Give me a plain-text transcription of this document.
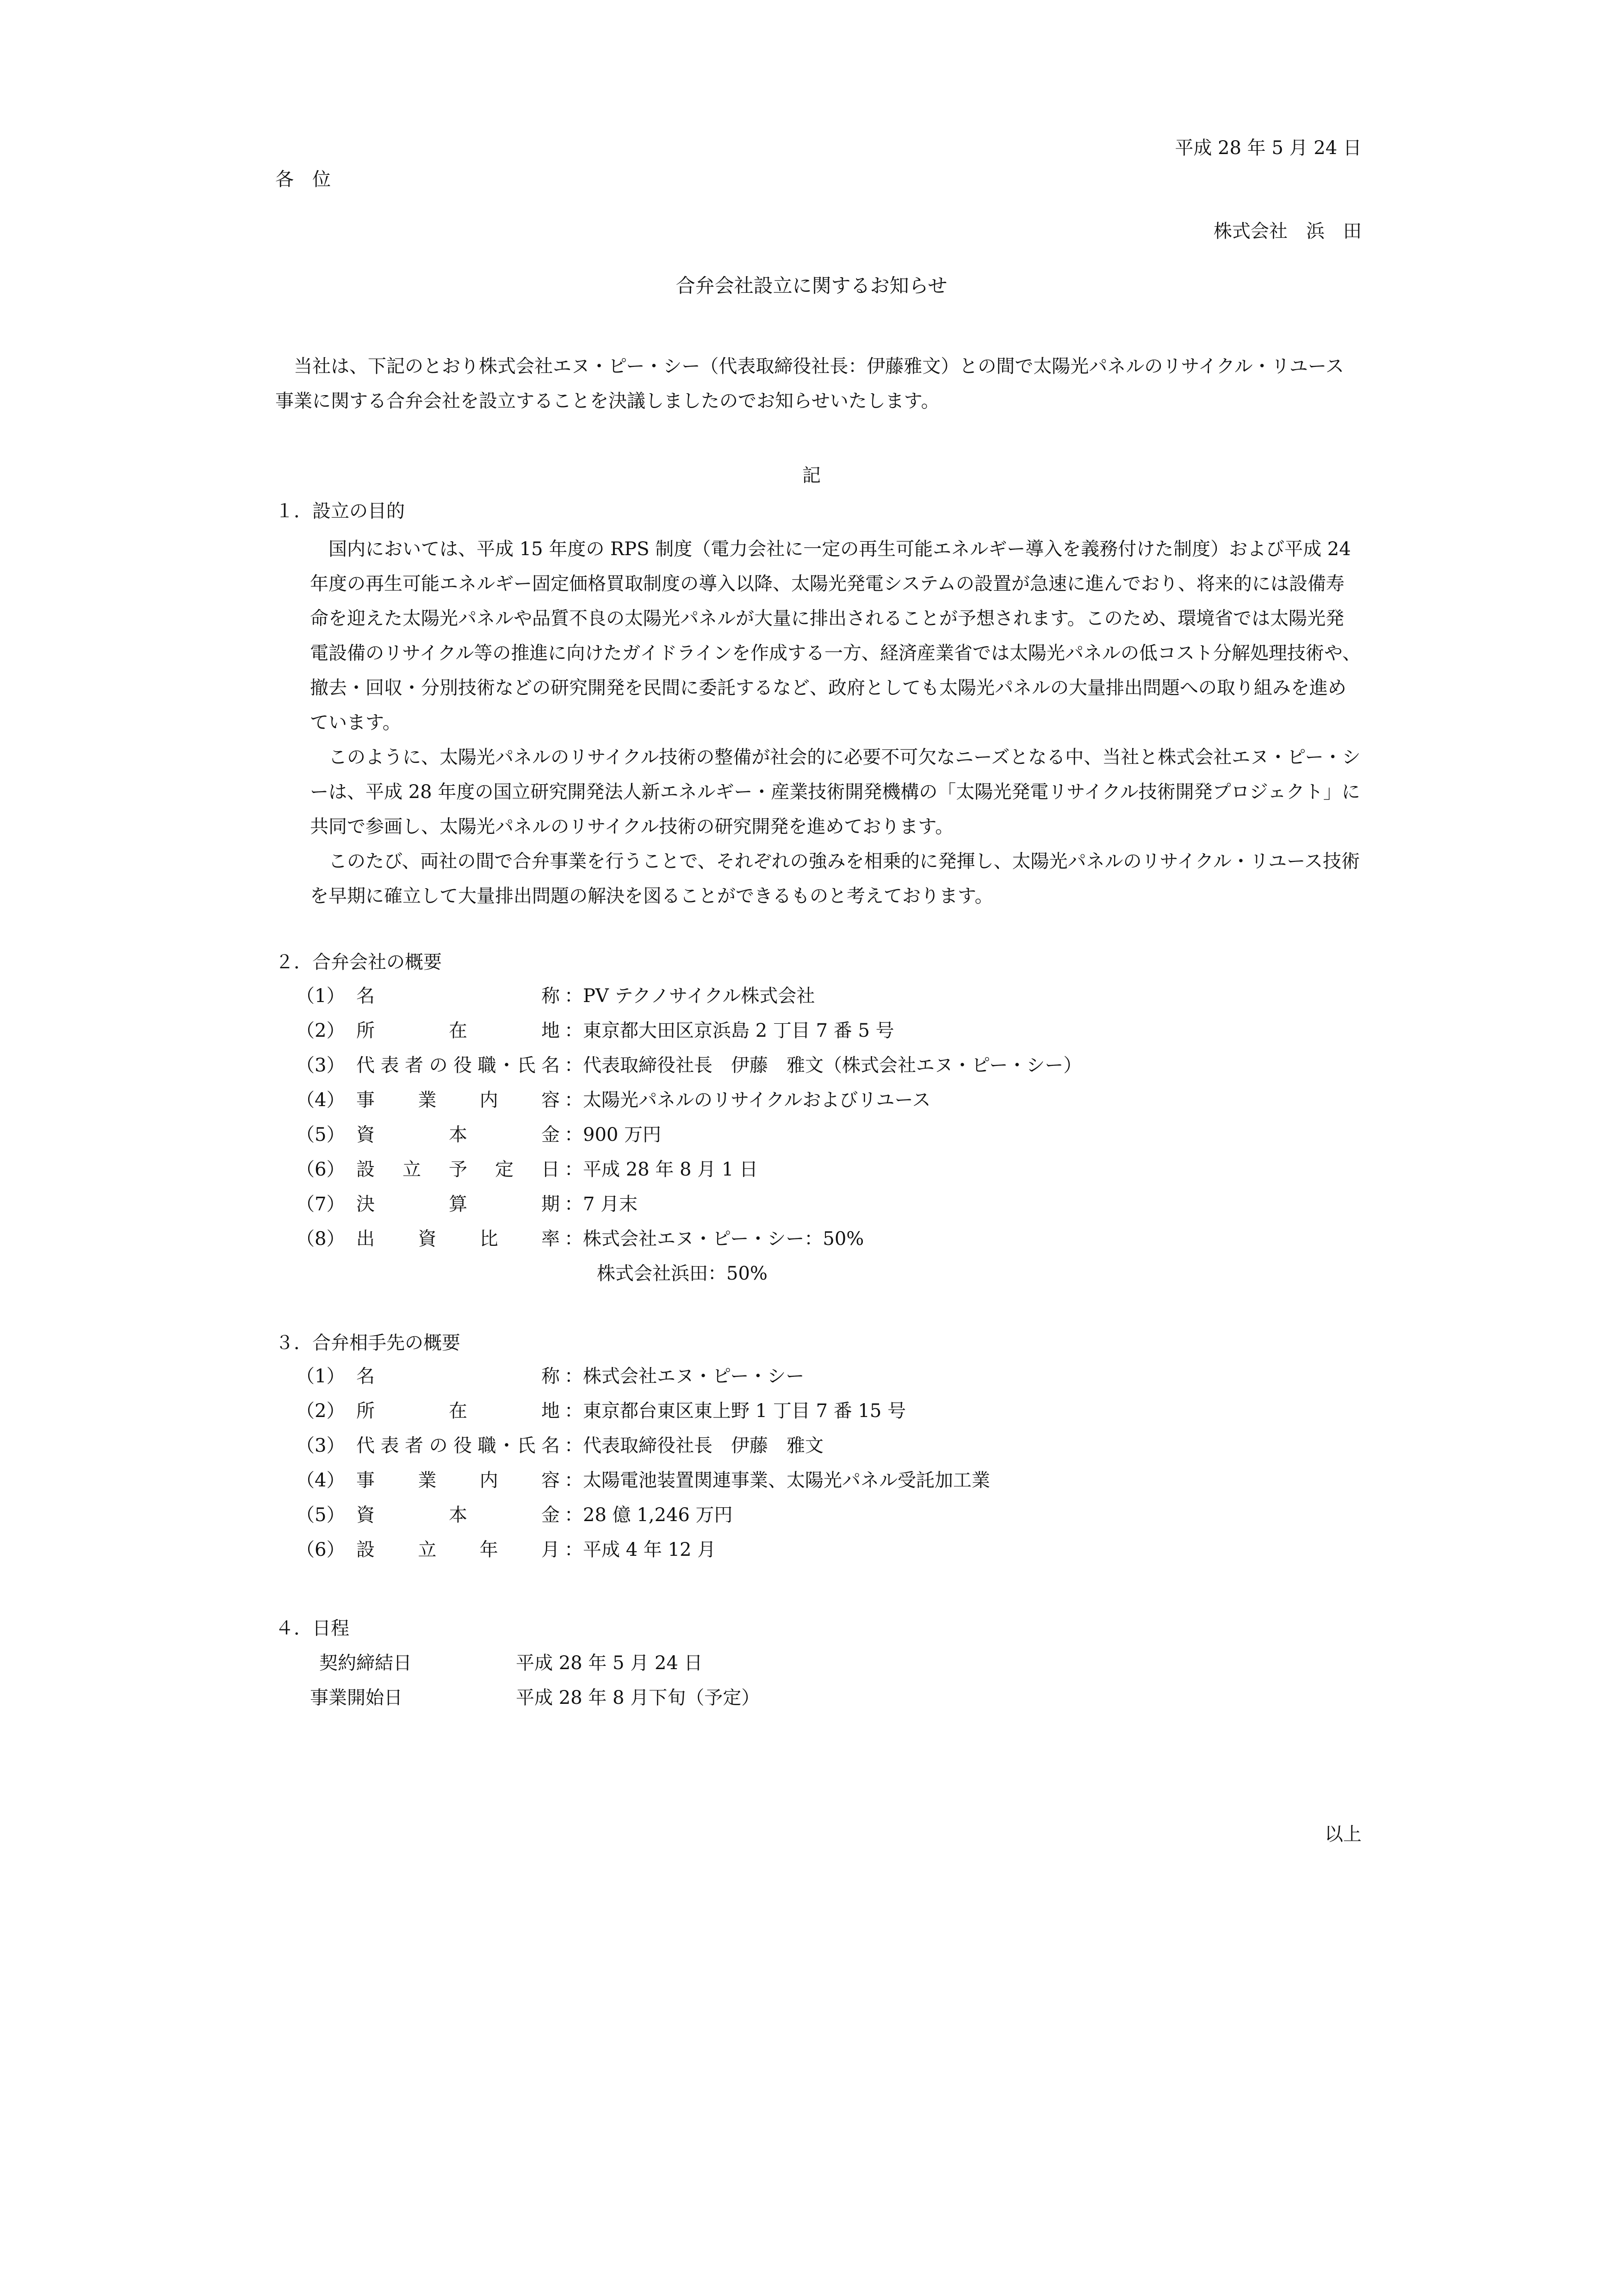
平成 28 年 5 月 24 日
各　位
株式会社　浜　田
合弁会社設立に関するお知らせ
当社は、下記のとおり株式会社エヌ・ピー・シー（代表取締役社長：伊藤雅文）との間で太陽光パネルのリサイクル・リユース事業に関する合弁会社を設立することを決議しましたのでお知らせいたします。
記
１．設立の目的
国内においては、平成 15 年度の RPS 制度（電力会社に一定の再生可能エネルギー導入を義務付けた制度）および平成 24 年度の再生可能エネルギー固定価格買取制度の導入以降、太陽光発電システムの設置が急速に進んでおり、将来的には設備寿命を迎えた太陽光パネルや品質不良の太陽光パネルが大量に排出されることが予想されます。このため、環境省では太陽光発電設備のリサイクル等の推進に向けたガイドラインを作成する一方、経済産業省では太陽光パネルの低コスト分解処理技術や、撤去・回収・分別技術などの研究開発を民間に委託するなど、政府としても太陽光パネルの大量排出問題への取り組みを進めています。
このように、太陽光パネルのリサイクル技術の整備が社会的に必要不可欠なニーズとなる中、当社と株式会社エヌ・ピー・シーは、平成 28 年度の国立研究開発法人新エネルギー・産業技術開発機構の「太陽光発電リサイクル技術開発プロジェクト」に共同で参画し、太陽光パネルのリサイクル技術の研究開発を進めております。
このたび、両社の間で合弁事業を行うことで、それぞれの強みを相乗的に発揮し、太陽光パネルのリサイクル・リユース技術を早期に確立して大量排出問題の解決を図ることができるものと考えております。
２．合弁会社の概要
（1） 名称 ： PV テクノサイクル株式会社
（2） 所在地 ： 東京都大田区京浜島 2 丁目 7 番 5 号
（3） 代表者の役職･氏名 ： 代表取締役社長　伊藤　雅文（株式会社エヌ・ピー・シー）
（4） 事業内容 ： 太陽光パネルのリサイクルおよびリユース
（5） 資本金 ： 900 万円
（6） 設立予定日 ： 平成 28 年 8 月 1 日
（7） 決算期 ： 7 月末
（8） 出資比率 ： 株式会社エヌ・ピー・シー：50%
株式会社浜田：50%
３．合弁相手先の概要
（1） 名称 ： 株式会社エヌ・ピー・シー
（2） 所在地 ： 東京都台東区東上野 1 丁目 7 番 15 号
（3） 代表者の役職･氏名 ： 代表取締役社長　伊藤　雅文
（4） 事業内容 ： 太陽電池装置関連事業、太陽光パネル受託加工業
（5） 資本金 ： 28 億 1,246 万円
（6） 設立年月 ： 平成 4 年 12 月
４．日程
契約締結日	平成 28 年 5 月 24 日
事業開始日	平成 28 年 8 月下旬（予定）
以上
